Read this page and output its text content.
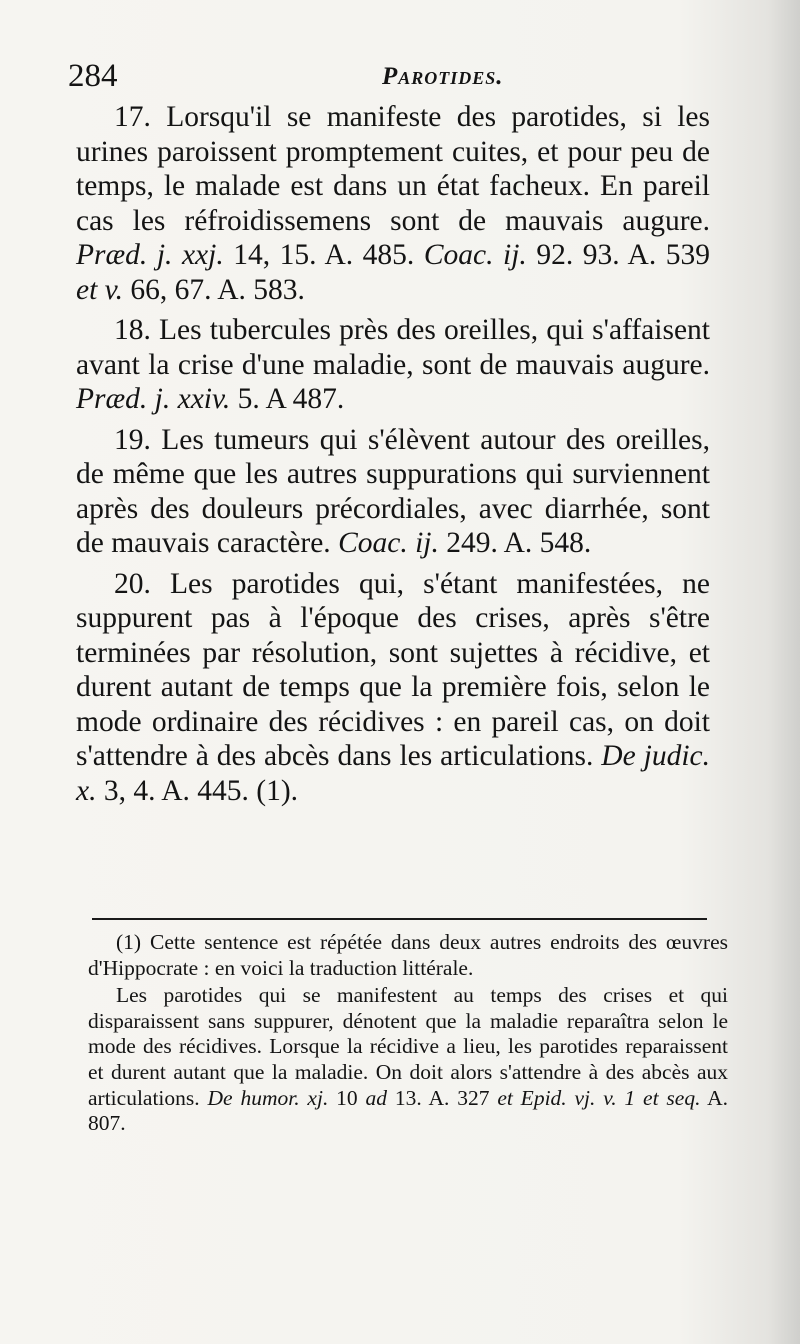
284	Parotides.

17. Lorsqu'il se manifeste des parotides, si les urines paroissent promptement cuites, et pour peu de temps, le malade est dans un état facheux. En pareil cas les réfroidissemens sont de mauvais augure. Præd. j. xxj. 14, 15. A. 485. Coac. ij. 92. 93. A. 539 et v. 66, 67. A. 583.

18. Les tubercules près des oreilles, qui s'affaisent avant la crise d'une maladie, sont de mauvais augure. Præd. j. xxiv. 5. A 487.

19. Les tumeurs qui s'élèvent autour des oreilles, de même que les autres suppurations qui surviennent après des douleurs précordiales, avec diarrhée, sont de mauvais caractère. Coac. ij. 249. A. 548.

20. Les parotides qui, s'étant manifestées, ne suppurent pas à l'époque des crises, après s'être terminées par résolution, sont sujettes à récidive, et durent autant de temps que la première fois, selon le mode ordinaire des récidives : en pareil cas, on doit s'attendre à des abcès dans les articulations. De judic. x. 3, 4. A. 445. (1).

(1) Cette sentence est répétée dans deux autres endroits des œuvres d'Hippocrate : en voici la traduction littérale.

Les parotides qui se manifestent au temps des crises et qui disparaissent sans suppurer, dénotent que la maladie reparaîtra selon le mode des récidives. Lorsque la récidive a lieu, les parotides reparaissent et durent autant que la maladie. On doit alors s'attendre à des abcès aux articulations. De humor. xj. 10 ad 13. A. 327 et Epid. vj. v. 1 et seq. A. 807.
